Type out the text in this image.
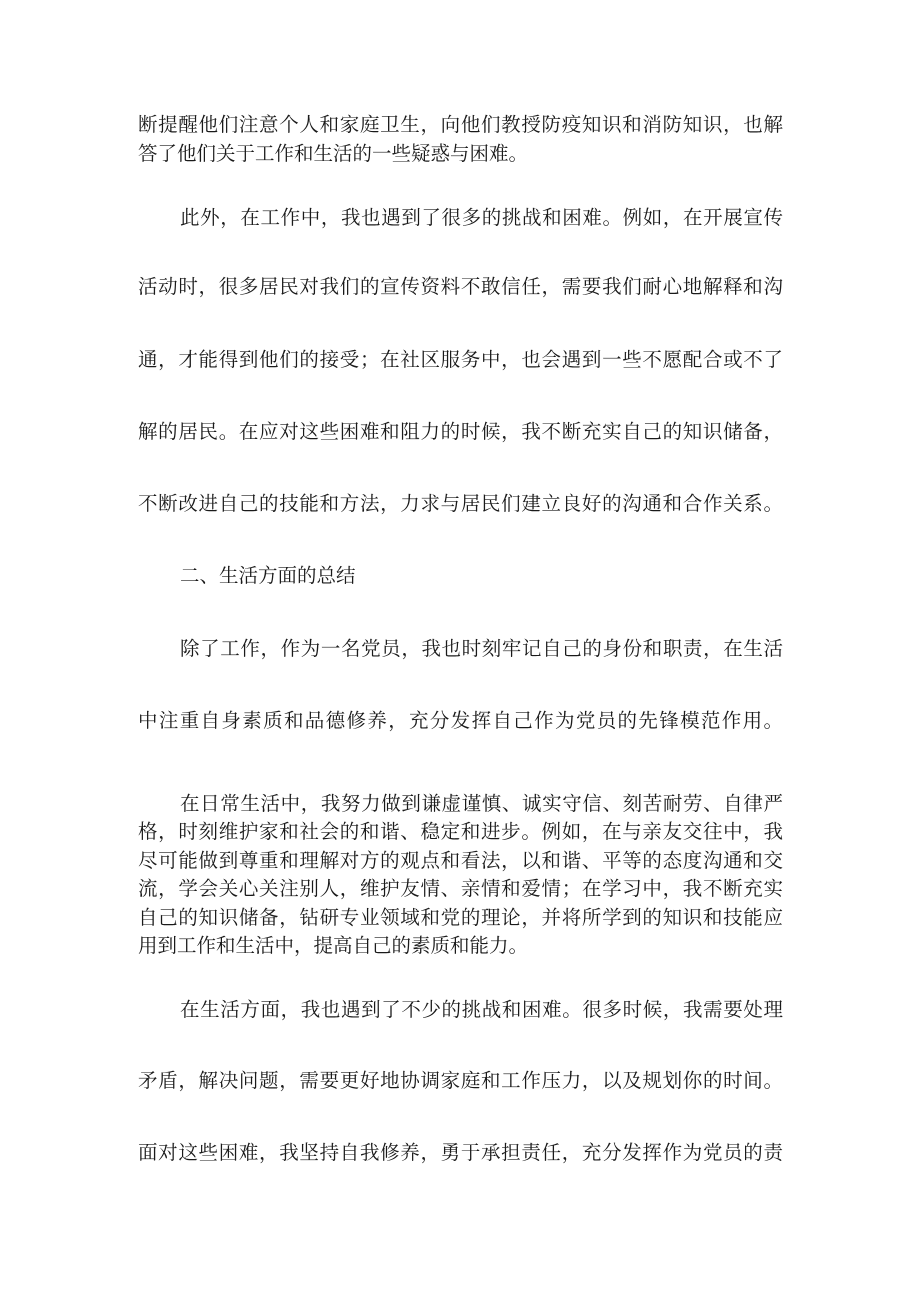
断提醒他们注意个人和家庭卫生，向他们教授防疫知识和消防知识，也解
答了他们关于工作和生活的一些疑惑与困难。
此外，在工作中，我也遇到了很多的挑战和困难。例如，在开展宣传
活动时，很多居民对我们的宣传资料不敢信任，需要我们耐心地解释和沟
通，才能得到他们的接受；在社区服务中，也会遇到一些不愿配合或不了
解的居民。在应对这些困难和阻力的时候，我不断充实自己的知识储备，
不断改进自己的技能和方法，力求与居民们建立良好的沟通和合作关系。
二、生活方面的总结
除了工作，作为一名党员，我也时刻牢记自己的身份和职责，在生活
中注重自身素质和品德修养，充分发挥自己作为党员的先锋模范作用。
在日常生活中，我努力做到谦虚谨慎、诚实守信、刻苦耐劳、自律严
格，时刻维护家和社会的和谐、稳定和进步。例如，在与亲友交往中，我
尽可能做到尊重和理解对方的观点和看法，以和谐、平等的态度沟通和交
流，学会关心关注别人，维护友情、亲情和爱情；在学习中，我不断充实
自己的知识储备，钻研专业领域和党的理论，并将所学到的知识和技能应
用到工作和生活中，提高自己的素质和能力。
在生活方面，我也遇到了不少的挑战和困难。很多时候，我需要处理
矛盾，解决问题，需要更好地协调家庭和工作压力，以及规划你的时间。
面对这些困难，我坚持自我修养，勇于承担责任，充分发挥作为党员的责
